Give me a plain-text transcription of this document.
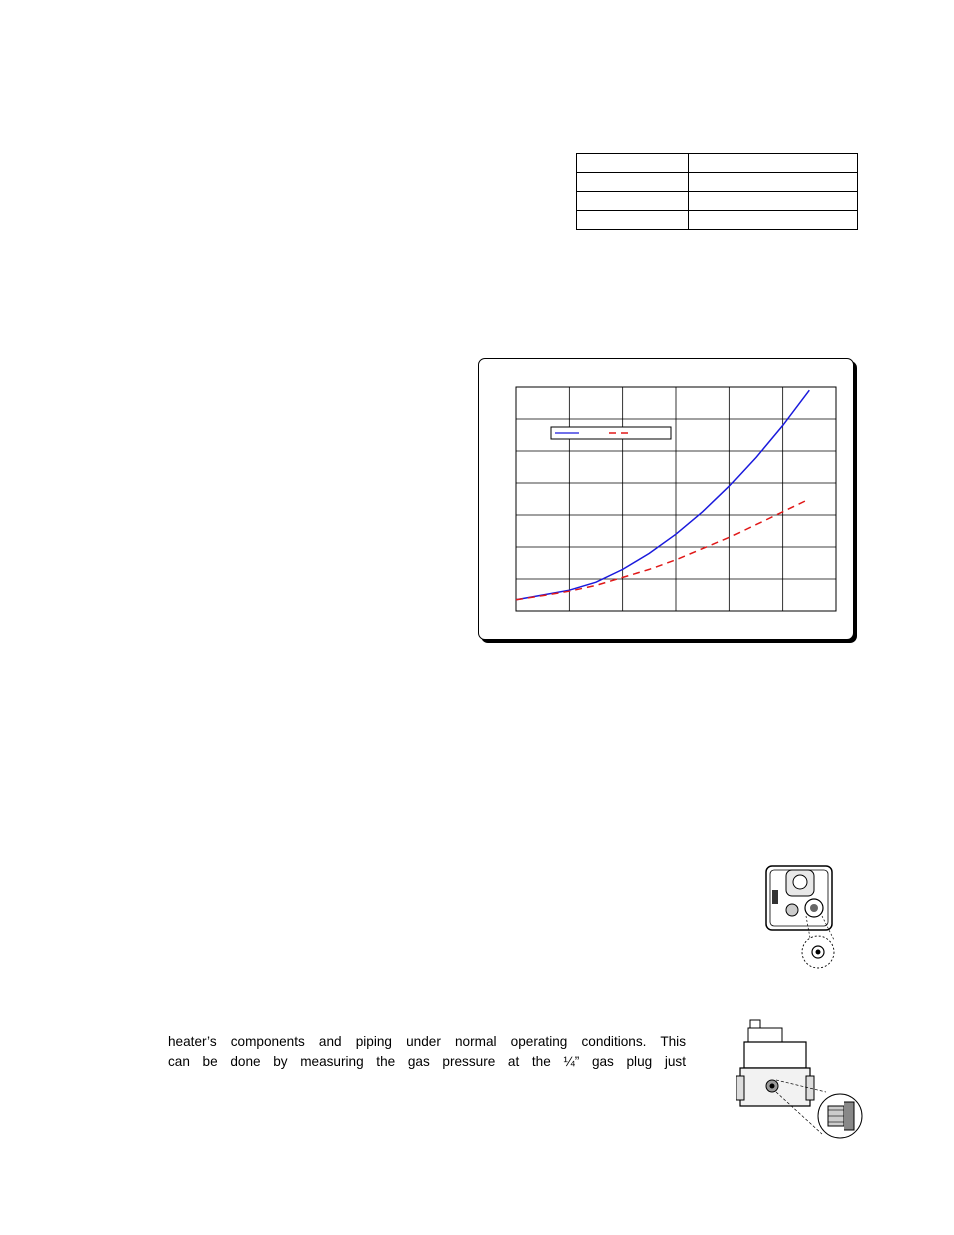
heater’s components and piping under normal operating conditions. This

can be done by measuring the gas pressure at the ¼” gas plug just
